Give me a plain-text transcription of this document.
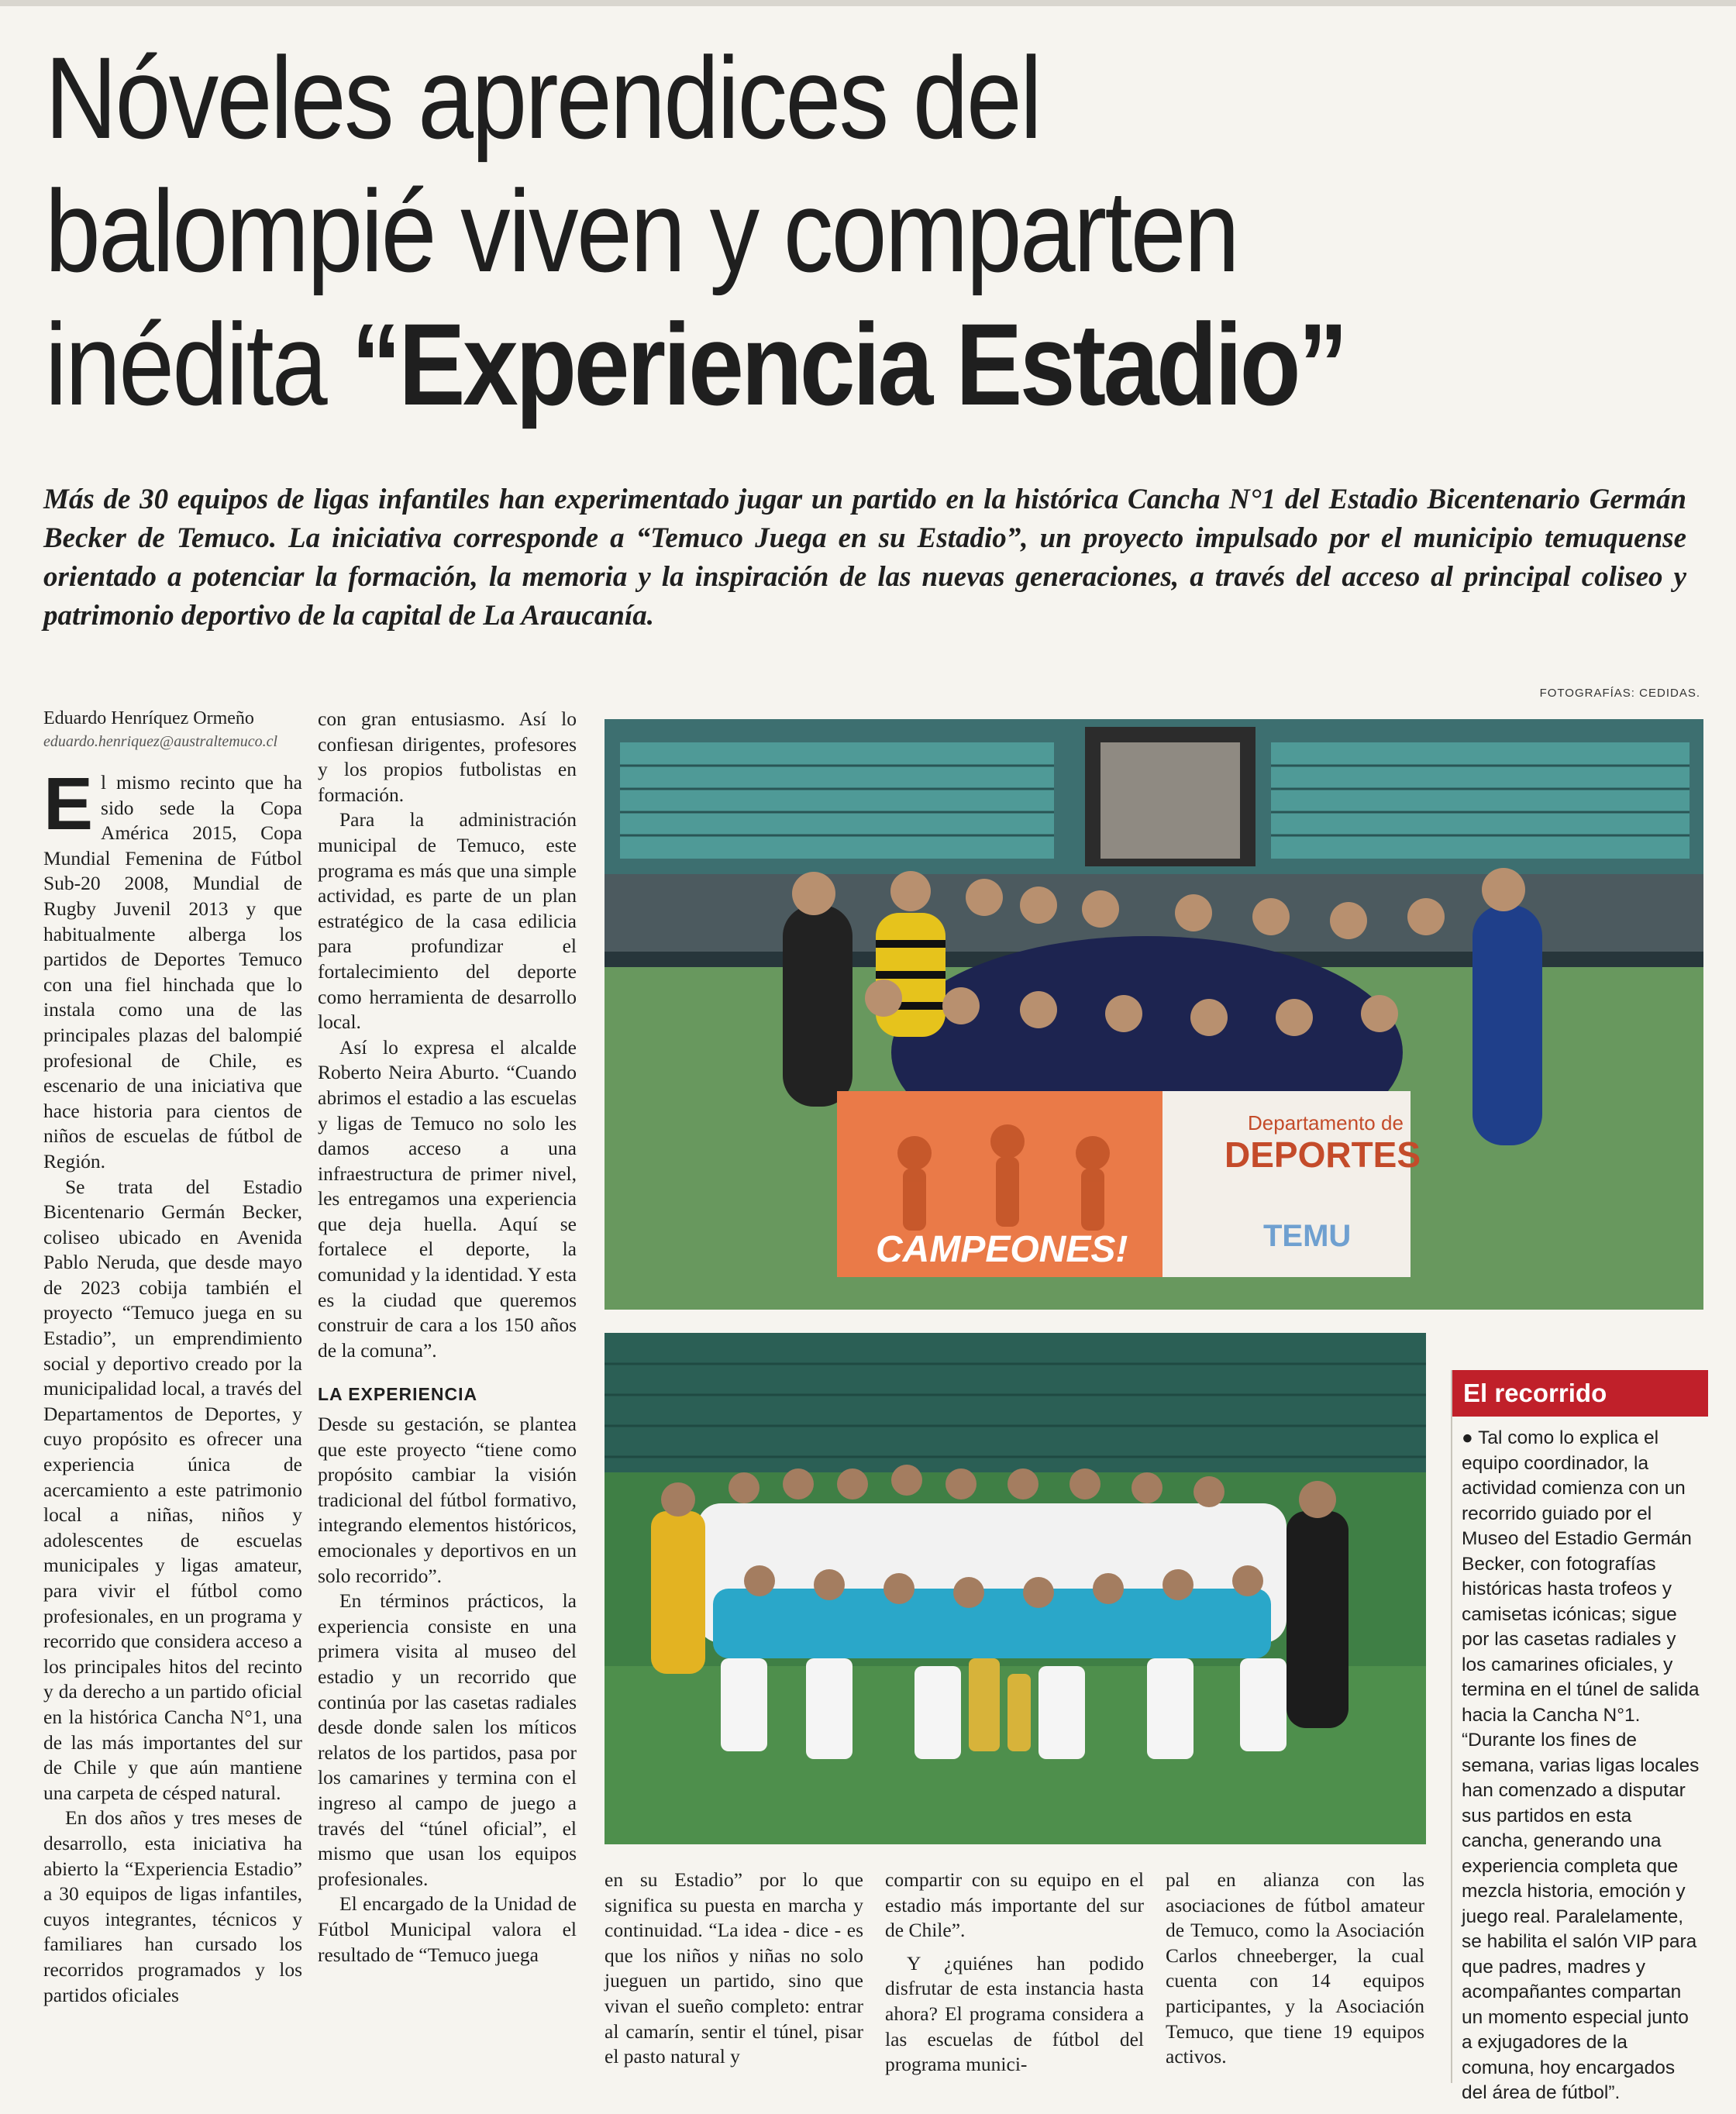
Nóveles aprendices del
balompié viven y comparten
inédita “Experiencia Estadio”
Más de 30 equipos de ligas infantiles han experimentado jugar un partido en la histórica Cancha N°1 del Estadio Bicentenario Germán Becker de Temuco. La iniciativa corresponde a “Temuco Juega en su Estadio”, un proyecto impulsado por el municipio temuquense orientado a potenciar la formación, la memoria y la inspiración de las nuevas generaciones, a través del acceso al principal coliseo y patrimonio deportivo de la capital de La Araucanía.
FOTOGRAFÍAS: CEDIDAS.
Eduardo Henríquez Ormeño
eduardo.henriquez@australtemuco.cl

El mismo recinto que ha sido sede la Copa América 2015, Copa Mundial Femenina de Fútbol Sub-20 2008, Mundial de Rugby Juvenil 2013 y que habitualmente alberga los partidos de Deportes Temuco con una fiel hinchada que lo instala como una de las principales plazas del balompié profesional de Chile, es escenario de una iniciativa que hace historia para cientos de niños de escuelas de fútbol de Región.

Se trata del Estadio Bicentenario Germán Becker, coliseo ubicado en Avenida Pablo Neruda, que desde mayo de 2023 cobija también el proyecto “Temuco juega en su Estadio”, un emprendimiento social y deportivo creado por la municipalidad local, a través del Departamentos de Deportes, y cuyo propósito es ofrecer una experiencia única de acercamiento a este patrimonio local a niñas, niños y adolescentes de escuelas municipales y ligas amateur, para vivir el fútbol como profesionales, en un programa y recorrido que considera acceso a los principales hitos del recinto y da derecho a un partido oficial en la histórica Cancha N°1, una de las más importantes del sur de Chile y que aún mantiene una carpeta de césped natural.

En dos años y tres meses de desarrollo, esta iniciativa ha abierto la “Experiencia Estadio” a 30 equipos de ligas infantiles, cuyos integrantes, técnicos y familiares han cursado los recorridos programados y los partidos oficiales

con gran entusiasmo. Así lo confiesan dirigentes, profesores y los propios futbolistas en formación.

Para la administración municipal de Temuco, este programa es más que una simple actividad, es parte de un plan estratégico de la casa edilicia para profundizar el fortalecimiento del deporte como herramienta de desarrollo local.

Así lo expresa el alcalde Roberto Neira Aburto. “Cuando abrimos el estadio a las escuelas y ligas de Temuco no solo les damos acceso a una infraestructura de primer nivel, les entregamos una experiencia que deja huella. Aquí se fortalece el deporte, la comunidad y la identidad. Y esta es la ciudad que queremos construir de cara a los 150 años de la comuna”.

LA EXPERIENCIA

Desde su gestación, se plantea que este proyecto “tiene como propósito cambiar la visión tradicional del fútbol formativo, integrando elementos históricos, emocionales y deportivos en un solo recorrido”.

En términos prácticos, la experiencia consiste en una primera visita al museo del estadio y un recorrido que continúa por las casetas radiales desde donde salen los míticos relatos de los partidos, pasa por los camarines y termina con el ingreso al campo de juego a través del “túnel oficial”, el mismo que usan los equipos profesionales.

El encargado de la Unidad de Fútbol Municipal valora el resultado de “Temuco juega

CAMPEONES!
Departamento de
DEPORTES
TEMU

en su Estadio” por lo que significa su puesta en marcha y continuidad. “La idea - dice - es que los niños y niñas no solo jueguen un partido, sino que vivan el sueño completo: entrar al camarín, sentir el túnel, pisar el pasto natural y

compartir con su equipo en el estadio más importante del sur de Chile”.

Y ¿quiénes han podido disfrutar de esta instancia hasta ahora? El programa considera a las escuelas de fútbol del programa munici-

pal en alianza con las asociaciones de fútbol amateur de Temuco, como la Asociación Carlos chneeberger, la cual cuenta con 14 equipos participantes, y la Asociación Temuco, que tiene 19 equipos activos.

El recorrido
● Tal como lo explica el equipo coordinador, la actividad comienza con un recorrido guiado por el Museo del Estadio Germán Becker, con fotografías históricas hasta trofeos y camisetas icónicas; sigue por las casetas radiales y los camarines oficiales, y termina en el túnel de salida hacia la Cancha N°1. “Durante los fines de semana, varias ligas locales han comenzado a disputar sus partidos en esta cancha, generando una experiencia completa que mezcla historia, emoción y juego real. Paralelamente, se habilita el salón VIP para que padres, madres y acompañantes compartan un momento especial junto a exjugadores de la comuna, hoy encargados del área de fútbol”.
